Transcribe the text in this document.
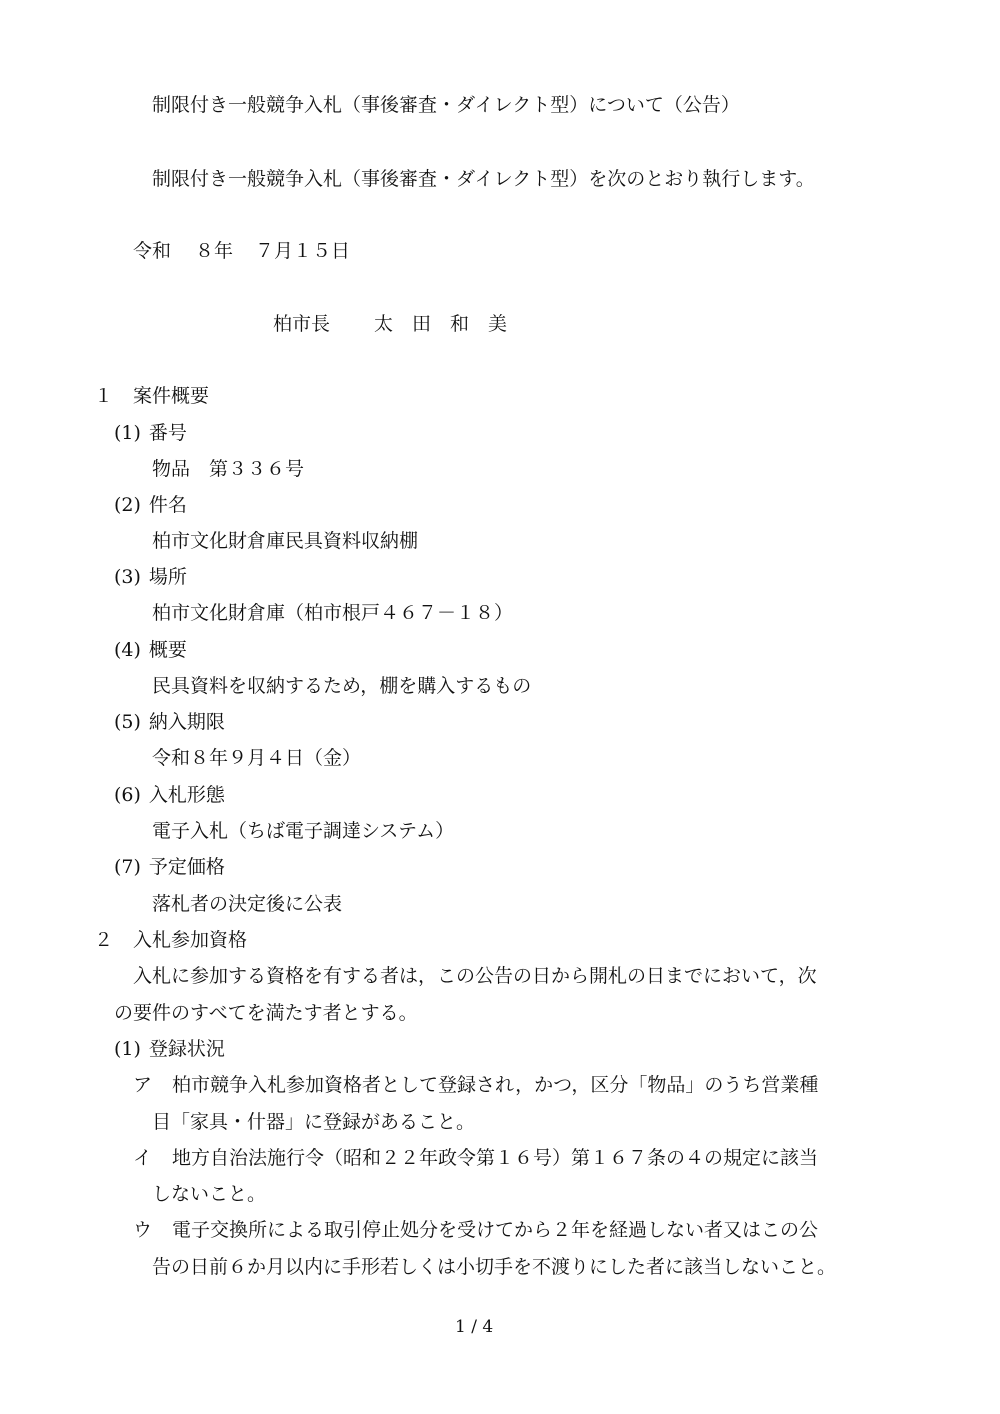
制限付き一般競争入札（事後審査・ダイレクト型）について（公告）
制限付き一般競争入札（事後審査・ダイレクト型）を次のとおり執行します。
令和 ８年 ７月１５日
柏市長 太　田　和　美
１ 案件概要
(1) 番号
物品　第３３６号
(2) 件名
柏市文化財倉庫民具資料収納棚
(3) 場所
柏市文化財倉庫（柏市根戸４６７－１８）
(4) 概要
民具資料を収納するため，棚を購入するもの
(5) 納入期限
令和８年９月４日（金）
(6) 入札形態
電子入札（ちば電子調達システム）
(7) 予定価格
落札者の決定後に公表
２ 入札参加資格
入札に参加する資格を有する者は，この公告の日から開札の日までにおいて，次
の要件のすべてを満たす者とする。
(1) 登録状況
ア 柏市競争入札参加資格者として登録され，かつ，区分「物品」のうち営業種
目「家具・什器」に登録があること。
イ 地方自治法施行令（昭和２２年政令第１６号）第１６７条の４の規定に該当
しないこと。
ウ 電子交換所による取引停止処分を受けてから２年を経過しない者又はこの公
告の日前６か月以内に手形若しくは小切手を不渡りにした者に該当しないこと。
1 / 4
